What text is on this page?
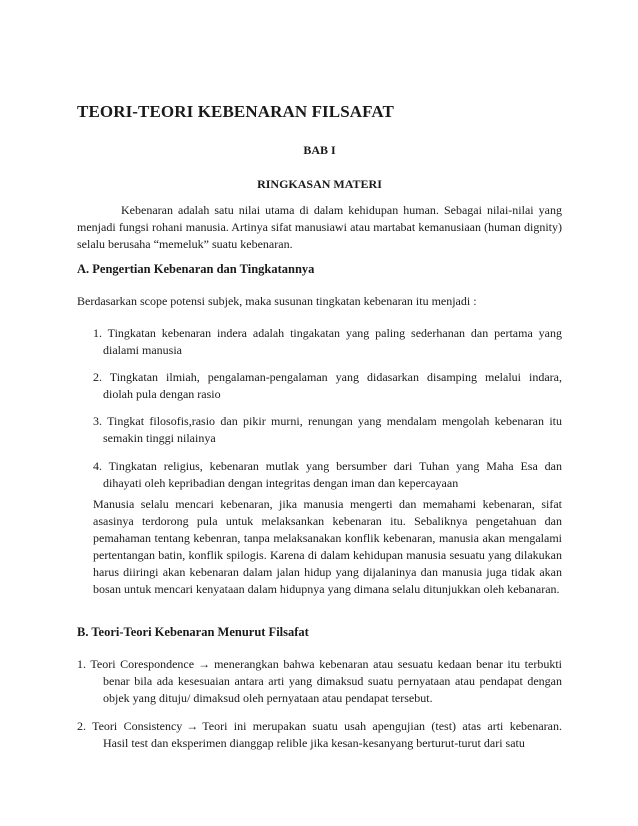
TEORI-TEORI KEBENARAN FILSAFAT
BAB I
RINGKASAN MATERI
Kebenaran adalah satu nilai utama di dalam kehidupan human. Sebagai nilai-nilai yang menjadi fungsi rohani manusia. Artinya sifat manusiawi atau martabat kemanusiaan (human dignity) selalu berusaha “memeluk” suatu kebenaran.
A. Pengertian Kebenaran dan Tingkatannya
Berdasarkan scope potensi subjek, maka susunan tingkatan kebenaran itu menjadi :
1. Tingkatan kebenaran indera adalah tingakatan yang paling sederhanan dan pertama yang
dialami manusia
2. Tingkatan ilmiah, pengalaman-pengalaman yang didasarkan disamping melalui indara,
diolah pula dengan rasio
3. Tingkat filosofis,rasio dan pikir murni, renungan yang mendalam mengolah kebenaran itu
semakin tinggi nilainya
4. Tingkatan religius, kebenaran mutlak yang bersumber dari Tuhan yang Maha Esa dan
dihayati oleh kepribadian dengan integritas dengan iman dan kepercayaan
Manusia selalu mencari kebenaran, jika manusia mengerti dan memahami kebenaran, sifat asasinya terdorong pula untuk melaksankan kebenaran itu. Sebaliknya pengetahuan dan pemahaman tentang kebenran, tanpa melaksanakan konflik kebenaran, manusia akan mengalami pertentangan batin, konflik spilogis. Karena di dalam kehidupan manusia sesuatu yang dilakukan harus diiringi akan kebenaran dalam jalan hidup yang dijalaninya dan manusia juga tidak akan bosan untuk mencari kenyataan dalam hidupnya yang dimana selalu ditunjukkan oleh kebanaran.
B. Teori-Teori Kebenaran Menurut Filsafat
1. Teori Corespondence → menerangkan bahwa kebenaran atau sesuatu kedaan benar itu terbukti
benar bila ada kesesuaian antara arti yang dimaksud suatu pernyataan atau pendapat dengan objek yang dituju/ dimaksud oleh pernyataan atau pendapat tersebut.
2. Teori Consistency → Teori ini merupakan suatu usah apengujian (test) atas arti kebenaran.
Hasil test dan eksperimen dianggap relible jika kesan-kesanyang berturut-turut dari satu
